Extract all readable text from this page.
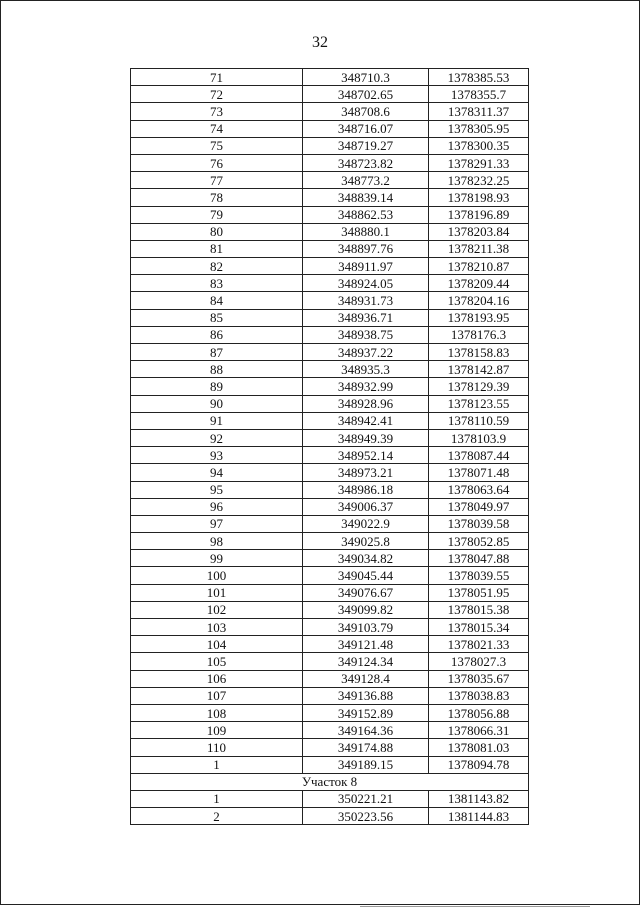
32
71	348710.3	1378385.53
72	348702.65	1378355.7
73	348708.6	1378311.37
74	348716.07	1378305.95
75	348719.27	1378300.35
76	348723.82	1378291.33
77	348773.2	1378232.25
78	348839.14	1378198.93
79	348862.53	1378196.89
80	348880.1	1378203.84
81	348897.76	1378211.38
82	348911.97	1378210.87
83	348924.05	1378209.44
84	348931.73	1378204.16
85	348936.71	1378193.95
86	348938.75	1378176.3
87	348937.22	1378158.83
88	348935.3	1378142.87
89	348932.99	1378129.39
90	348928.96	1378123.55
91	348942.41	1378110.59
92	348949.39	1378103.9
93	348952.14	1378087.44
94	348973.21	1378071.48
95	348986.18	1378063.64
96	349006.37	1378049.97
97	349022.9	1378039.58
98	349025.8	1378052.85
99	349034.82	1378047.88
100	349045.44	1378039.55
101	349076.67	1378051.95
102	349099.82	1378015.38
103	349103.79	1378015.34
104	349121.48	1378021.33
105	349124.34	1378027.3
106	349128.4	1378035.67
107	349136.88	1378038.83
108	349152.89	1378056.88
109	349164.36	1378066.31
110	349174.88	1378081.03
1	349189.15	1378094.78
Участок 8		
1	350221.21	1381143.82
2	350223.56	1381144.83
